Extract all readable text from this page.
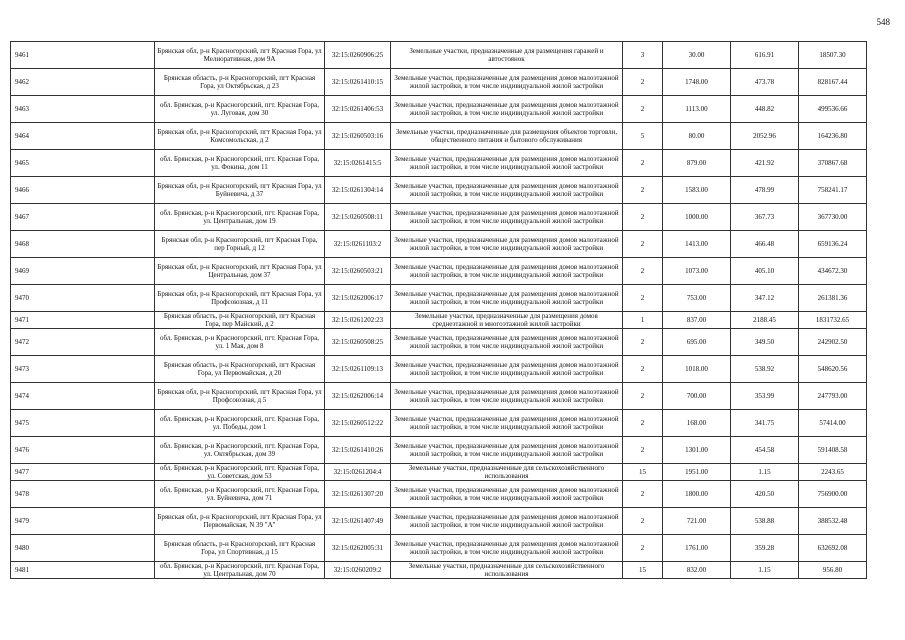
548
9461	Брянская обл, р-н Красногорский, пгт Красная Гора, ул Мелиоративная, дом 9А	32:15:0260906:25	Земельные участки, предназначенные для размещения гаражей и автостоянок	3	30.00	616.91	18507.30
9462	Брянская область, р-н Красногорский, пгт Красная Гора, ул Октябрьская, д 23	32:15:0261410:15	Земельные участки, предназначенные для размещения домов малоэтажной жилой застройки, в том числе индивидуальной жилой застройки	2	1748.00	473.78	828167.44
9463	обл. Брянская, р-н Красногорский, пгт. Красная Гора, ул. Луговая, дом 30	32:15:0261406:53	Земельные участки, предназначенные для размещения домов малоэтажной жилой застройки, в том числе индивидуальной жилой застройки	2	1113.00	448.82	499536.66
9464	Брянская обл, р-н Красногорский, пгт Красная Гора, ул Комсомольская, д 2	32:15:0260503:16	Земельные участки, предназначенные для размещения объектов торговли, общественного питания и бытового обслуживания	5	80.00	2052.96	164236.80
9465	обл. Брянская, р-н Красногорский, пгт. Красная Гора, ул. Фокина, дом 11	32:15:0261415:5	Земельные участки, предназначенные для размещения домов малоэтажной жилой застройки, в том числе индивидуальной жилой застройки	2	879.00	421.92	370867.68
9466	Брянская обл, р-н Красногорский, пгт Красная Гора, ул Буйневича, д 37	32:15:0261304:14	Земельные участки, предназначенные для размещения домов малоэтажной жилой застройки, в том числе индивидуальной жилой застройки	2	1583.00	478.99	758241.17
9467	обл. Брянская, р-н Красногорский, пгт. Красная Гора, ул. Центральная, дом 19	32:15:0260508:11	Земельные участки, предназначенные для размещения домов малоэтажной жилой застройки, в том числе индивидуальной жилой застройки	2	1000.00	367.73	367730.00
9468	Брянская обл, р-н Красногорский, пгт Красная Гора, пер Горный, д 12	32:15:0261103:2	Земельные участки, предназначенные для размещения домов малоэтажной жилой застройки, в том числе индивидуальной жилой застройки	2	1413.00	466.48	659136.24
9469	Брянская обл, р-н Красногорский, пгт Красная Гора, ул Центральная, дом 37	32:15:0260503:21	Земельные участки, предназначенные для размещения домов малоэтажной жилой застройки, в том числе индивидуальной жилой застройки	2	1073.00	405.10	434672.30
9470	Брянская обл, р-н Красногорский, пгт Красная Гора, ул Профсоюзная, д 11	32:15:0262006:17	Земельные участки, предназначенные для размещения домов малоэтажной жилой застройки, в том числе индивидуальной жилой застройки	2	753.00	347.12	261381.36
9471	Брянская область, р-н Красногорский, пгт Красная Гора, пер Майский, д 2	32:15:0261202:23	Земельные участки, предназначенные для размещения домов среднеэтажной и многоэтажной жилой застройки	1	837.00	2188.45	1831732.65
9472	обл. Брянская, р-н Красногорский, пгт. Красная Гора, ул. 1 Мая, дом 8	32:15:0260508:25	Земельные участки, предназначенные для размещения домов малоэтажной жилой застройки, в том числе индивидуальной жилой застройки	2	695.00	349.50	242902.50
9473	Брянская область, р-н Красногорский, пгт Красная Гора, ул Первомайская, д 20	32:15:0261109:13	Земельные участки, предназначенные для размещения домов малоэтажной жилой застройки, в том числе индивидуальной жилой застройки	2	1018.00	538.92	548620.56
9474	Брянская обл, р-н Красногорский, пгт Красная Гора, ул Профсоюзная, д 5	32:15:0262006:14	Земельные участки, предназначенные для размещения домов малоэтажной жилой застройки, в том числе индивидуальной жилой застройки	2	700.00	353.99	247793.00
9475	обл. Брянская, р-н Красногорский, пгт. Красная Гора, ул. Победы, дом 1	32:15:0260512:22	Земельные участки, предназначенные для размещения домов малоэтажной жилой застройки, в том числе индивидуальной жилой застройки	2	168.00	341.75	57414.00
9476	обл. Брянская, р-н Красногорский, пгт. Красная Гора, ул. Октябрьская, дом 39	32:15:0261410:26	Земельные участки, предназначенные для размещения домов малоэтажной жилой застройки, в том числе индивидуальной жилой застройки	2	1301.00	454.58	591408.58
9477	обл. Брянская, р-н Красногорский, пгт. Красная Гора, ул. Советская, дом 53	32:15:0261204:4	Земельные участки, предназначенные для сельскохозяйственного использования	15	1951.00	1.15	2243.65
9478	обл. Брянская, р-н Красногорский, пгт. Красная Гора, ул. Буйневича, дом 71	32:15:0261307:20	Земельные участки, предназначенные для размещения домов малоэтажной жилой застройки, в том числе индивидуальной жилой застройки	2	1800.00	420.50	756900.00
9479	Брянская обл, р-н Красногорский, пгт Красная Гора, ул Первомайская, N 39 "А"	32:15:0261407:49	Земельные участки, предназначенные для размещения домов малоэтажной жилой застройки, в том числе индивидуальной жилой застройки	2	721.00	538.88	388532.48
9480	Брянская область, р-н Красногорский, пгт Красная Гора, ул Спортивная, д 15	32:15:0262005:31	Земельные участки, предназначенные для размещения домов малоэтажной жилой застройки, в том числе индивидуальной жилой застройки	2	1761.00	359.28	632692.08
9481	обл. Брянская, р-н Красногорский, пгт. Красная Гора, ул. Центральная, дом 70	32:15:0260209:2	Земельные участки, предназначенные для сельскохозяйственного использования	15	832.00	1.15	956.80
